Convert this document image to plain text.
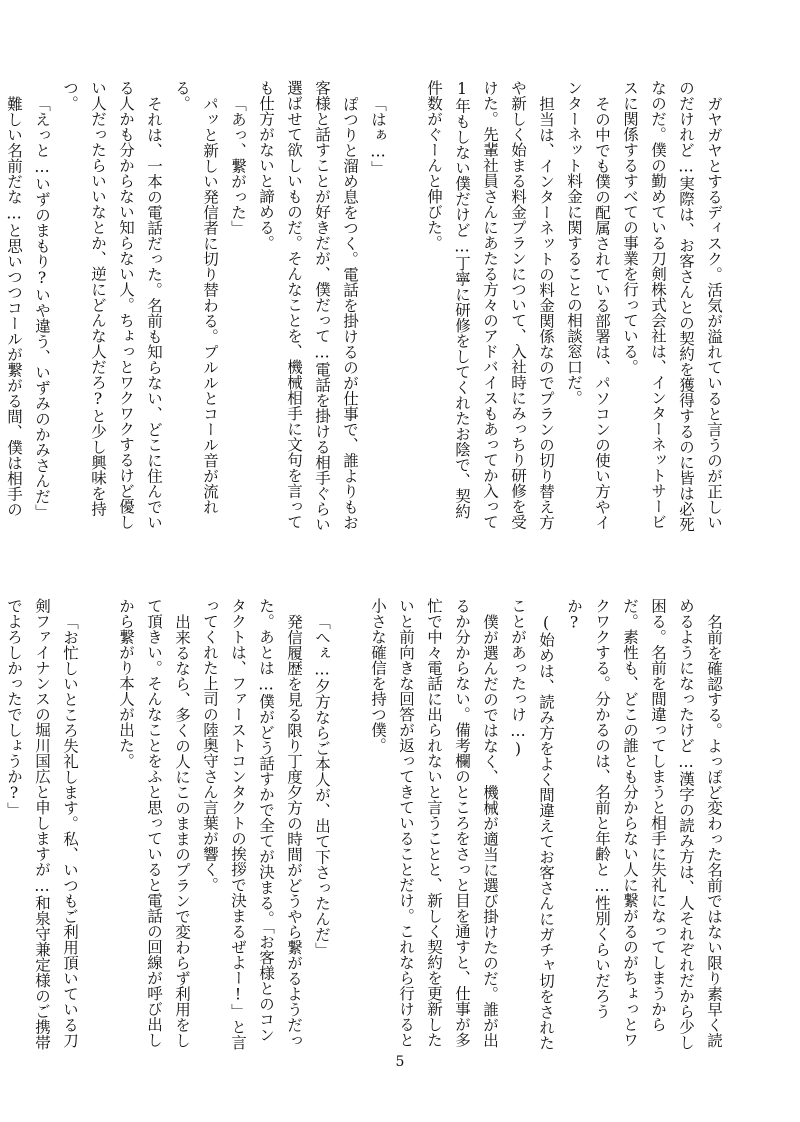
ガヤガヤとするディスク。活気が溢れていると言うのが正しいのだけれど…実際は、お客さんとの契約を獲得するのに皆は必死なのだ。僕の勤めている刀剣株式会社は、インターネットサービスに関係するすべての事業を行っている。

その中でも僕の配属されている部署は、パソコンの使い方やインターネット料金に関することの相談窓口だ。

担当は、インターネットの料金関係なのでプランの切り替え方や新しく始まる料金プランについて、入社時にみっちり研修を受けた。先輩社員さんにあたる方々のアドバイスもあってか入って1年もしない僕だけど…丁寧に研修をしてくれたお陰で、契約件数がぐーんと伸びた。

「はぁ…」

ぽつりと溜め息をつく。電話を掛けるのが仕事で、誰よりもお客様と話すことが好きだが、僕だって…電話を掛ける相手ぐらい選ばせて欲しいものだ。そんなことを、機械相手に文句を言っても仕方がないと諦める。

「あっ、繋がった」

パッと新しい発信者に切り替わる。プルルとコール音が流れる。

それは、一本の電話だった。名前も知らない、どこに住んでいる人かも分からない知らない人。ちょっとワクワクするけど優しい人だったらいいなとか、逆にどんな人だろ?と少し興味を持つ。

「えっと…いずのまもり?いや違う、いずみのかみさんだ」

難しい名前だな…と思いつつコールが繋がる間、僕は相手の

名前を確認する。よっぽど変わった名前ではない限り素早く読めるようになったけど…漢字の読み方は、人それぞれだから少し困る。名前を間違ってしまうと相手に失礼になってしまうからだ。素性も、どこの誰とも分からない人に繋がるのがちょっとワクワクする。分かるのは、名前と年齢と…性別くらいだろうか?

(始めは、読み方をよく間違えてお客さんにガチャ切をされたことがあったっけ…)

僕が選んだのではなく、機械が適当に選び掛けたのだ。誰が出るか分からない。備考欄のところをさっと目を通すと、仕事が多忙で中々電話に出られないと言うことと、新しく契約を更新したいと前向きな回答が返ってきていることだけ。これなら行けると小さな確信を持つ僕。

「へぇ…夕方ならご本人が、出て下さったんだ」

発信履歴を見る限り丁度夕方の時間がどうやら繋がるようだった。あとは…僕がどう話すかで全てが決まる。「お客様とのコンタクトは、ファーストコンタクトの挨拶で決まるぜよー!」と言ってくれた上司の陸奥守さん言葉が響く。

出来るなら、多くの人にこのままのプランで変わらず利用をして頂きい。そんなことをふと思っていると電話の回線が呼び出しから繋がり本人が出た。

「お忙しいところ失礼します。私、いつもご利用頂いている刀剣ファイナンスの堀川国広と申しますが…和泉守兼定様のご携帯でよろしかったでしょうか?」

5
